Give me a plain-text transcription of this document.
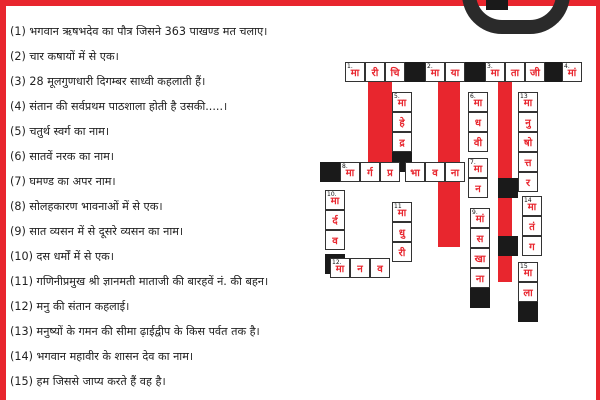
(1) भगवान ऋषभदेव का पौत्र जिसने 363 पाखण्ड मत चलाए।
(2) चार कषायों में से एक।
(3) 28 मूलगुणधारी दिगम्बर साध्वी कहलाती हैं।
(4) संतान की सर्वप्रथम पाठशाला होती है उसकी.....।
(5) चतुर्थ स्वर्ग का नाम।
(6) सातवें नरक का नाम।
(7) घमण्ड का अपर नाम।
(8) सोलहकारण भावनाओं में से एक।
(9) सात व्यसन में से दूसरे व्यसन का नाम।
(10) दस धर्मों में से एक।
(11) गणिनीप्रमुख श्री ज्ञानमती माताजी की बारहवें नं. की बहन।
(12) मनु की संतान कहलाई।
(13) मनुष्यों के गमन की सीमा ढ़ाईद्वीप के किस पर्वत तक है।
(14) भगवान महावीर के शासन देव का नाम।
(15) हम जिससे जाप्य करते हैं वह है।
1.
मा	री	चि
2.
मा	या
3.
मा	ता	जी
4.
मां
5.
मा
हे
द्र
6.
मा
ध
वी
13
मा
नु
षो
त्त
र
8.
मा	र्ग	प्र	भा	व	ना
7.
मा
न
10.
मा
र्द
व
11
मा
धु
री
9.
मां
स
खा
ना
14
मा
तं
ग
12.
मा	न	व	15
मा
ला
